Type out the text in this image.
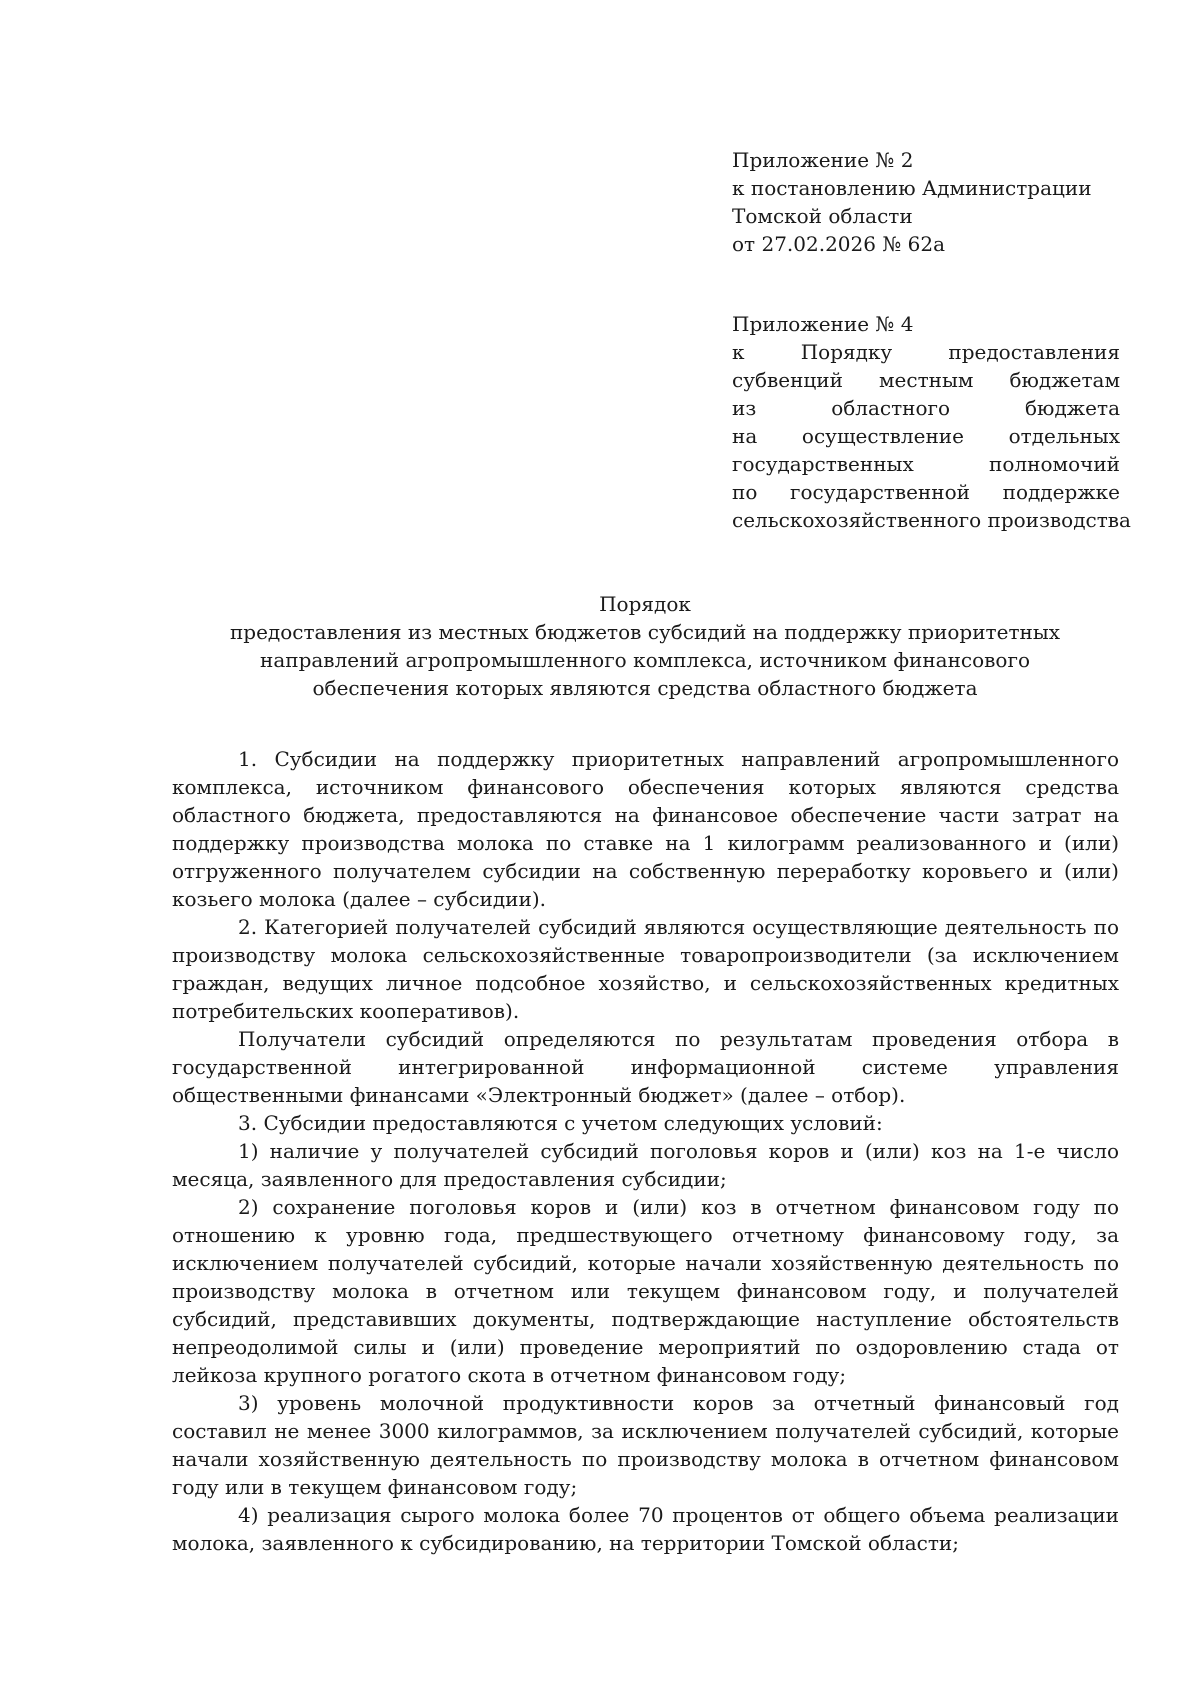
Приложение № 2
к постановлению Администрации
Томской области
от 27.02.2026 № 62а
Приложение № 4
к Порядку предоставления
субвенций местным бюджетам
из областного бюджета
на осуществление отдельных
государственных полномочий
по государственной поддержке
сельскохозяйственного производства
Порядок
предоставления из местных бюджетов субсидий на поддержку приоритетных
направлений агропромышленного комплекса, источником финансового
обеспечения которых являются средства областного бюджета

1. Субсидии на поддержку приоритетных направлений агропромышленного комплекса, источником финансового обеспечения которых являются средства областного бюджета, предоставляются на финансовое обеспечение части затрат на поддержку производства молока по ставке на 1 килограмм реализованного и (или) отгруженного получателем субсидии на собственную переработку коровьего и (или) козьего молока (далее – субсидии).

2. Категорией получателей субсидий являются осуществляющие деятельность по производству молока сельскохозяйственные товаропроизводители (за исключением граждан, ведущих личное подсобное хозяйство, и сельскохозяйственных кредитных потребительских кооперативов).

Получатели субсидий определяются по результатам проведения отбора в государственной интегрированной информационной системе управления общественными финансами «Электронный бюджет» (далее – отбор).

3. Субсидии предоставляются с учетом следующих условий:

1) наличие у получателей субсидий поголовья коров и (или) коз на 1-е число месяца, заявленного для предоставления субсидии;

2) сохранение поголовья коров и (или) коз в отчетном финансовом году по отношению к уровню года, предшествующего отчетному финансовому году, за исключением получателей субсидий, которые начали хозяйственную деятельность по производству молока в отчетном или текущем финансовом году, и получателей субсидий, представивших документы, подтверждающие наступление обстоятельств непреодолимой силы и (или) проведение мероприятий по оздоровлению стада от лейкоза крупного рогатого скота в отчетном финансовом году;

3) уровень молочной продуктивности коров за отчетный финансовый год составил не менее 3000 килограммов, за исключением получателей субсидий, которые начали хозяйственную деятельность по производству молока в отчетном финансовом году или в текущем финансовом году;

4) реализация сырого молока более 70 процентов от общего объема реализации молока, заявленного к субсидированию, на территории Томской области;
